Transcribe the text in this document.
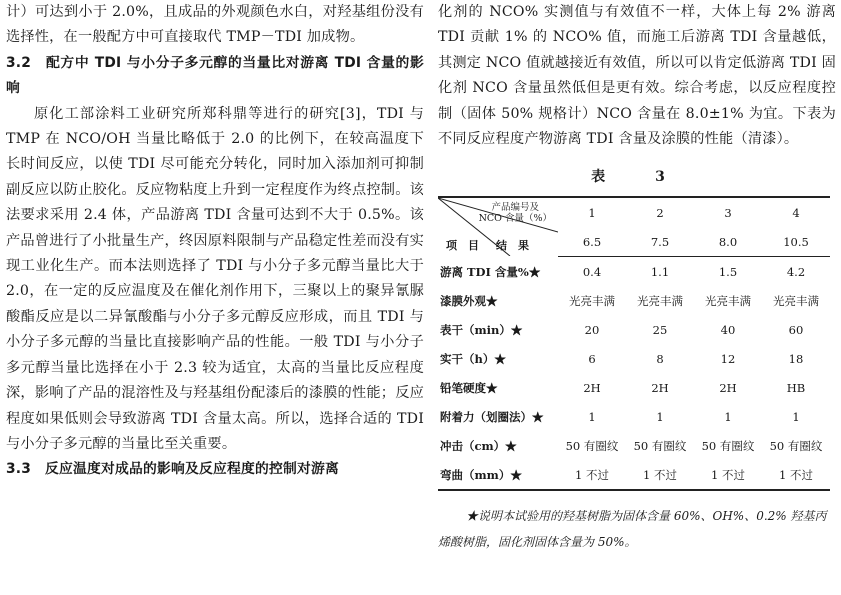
计）可达到小于 2.0%，且成品的外观颜色水白，对羟基组份没有选择性，在一般配方中可直接取代 TMP－TDI 加成物。

3.2　配方中 TDI 与小分子多元醇的当量比对游离 TDI 含量的影响

原化工部涂料工业研究所郑科鼎等进行的研究[3]，TDI 与 TMP 在 NCO/OH 当量比略低于 2.0 的比例下，在较高温度下长时间反应，以使 TDI 尽可能充分转化，同时加入添加剂可抑制副反应以防止胶化。反应物粘度上升到一定程度作为终点控制。该法要求采用 2.4 体，产品游离 TDI 含量可达到不大于 0.5%。该产品曾进行了小批量生产，终因原料限制与产品稳定性差而没有实现工业化生产。而本法则选择了 TDI 与小分子多元醇当量比大于 2.0，在一定的反应温度及在催化剂作用下，三聚以上的聚异氰脲酸酯反应是以二异氰酸酯与小分子多元醇反应形成，而且 TDI 与小分子多元醇的当量比直接影响产品的性能。一般 TDI 与小分子多元醇当量比选择在小于 2.3 较为适宜，太高的当量比反应程度深，影响了产品的混溶性及与羟基组份配漆后的漆膜的性能；反应程度如果低则会导致游离 TDI 含量太高。所以，选择合适的 TDI 与小分子多元醇的当量比至关重要。

3.3　反应温度对成品的影响及反应程度的控制对游离

化剂的 NCO% 实测值与有效值不一样，大体上每 2% 游离 TDI 贡献 1% 的 NCO% 值，而施工后游离 TDI 含量越低，其测定 NCO 值就越接近有效值，所以可以肯定低游离 TDI 固化剂 NCO 含量虽然低但是更有效。综合考虑，以反应程度控制（固体 50% 规格计）NCO 含量在 8.0±1% 为宜。下表为不同反应程度产物游离 TDI 含量及涂膜的性能（清漆）。

表　3
产品编号及
NCO 含量（%）
项　目 结　果	1	2	3	4
	6.5	7.5	8.0	10.5
游离 TDI 含量%★	0.4	1.1	1.5	4.2
漆膜外观★	光亮丰满	光亮丰满	光亮丰满	光亮丰满
表干（min）★	20	25	40	60
实干（h）★	6	8	12	18
铅笔硬度★	2H	2H	2H	HB
附着力（划圈法）★	1	1	1	1
冲击（cm）★	50 有圈纹	50 有圈纹	50 有圈纹	50 有圈纹
弯曲（mm）★	1 不过	1 不过	1 不过	1 不过

★说明本试验用的羟基树脂为固体含量 60%、OH%、0.2% 羟基丙烯酸树脂，固化剂固体含量为 50%。
